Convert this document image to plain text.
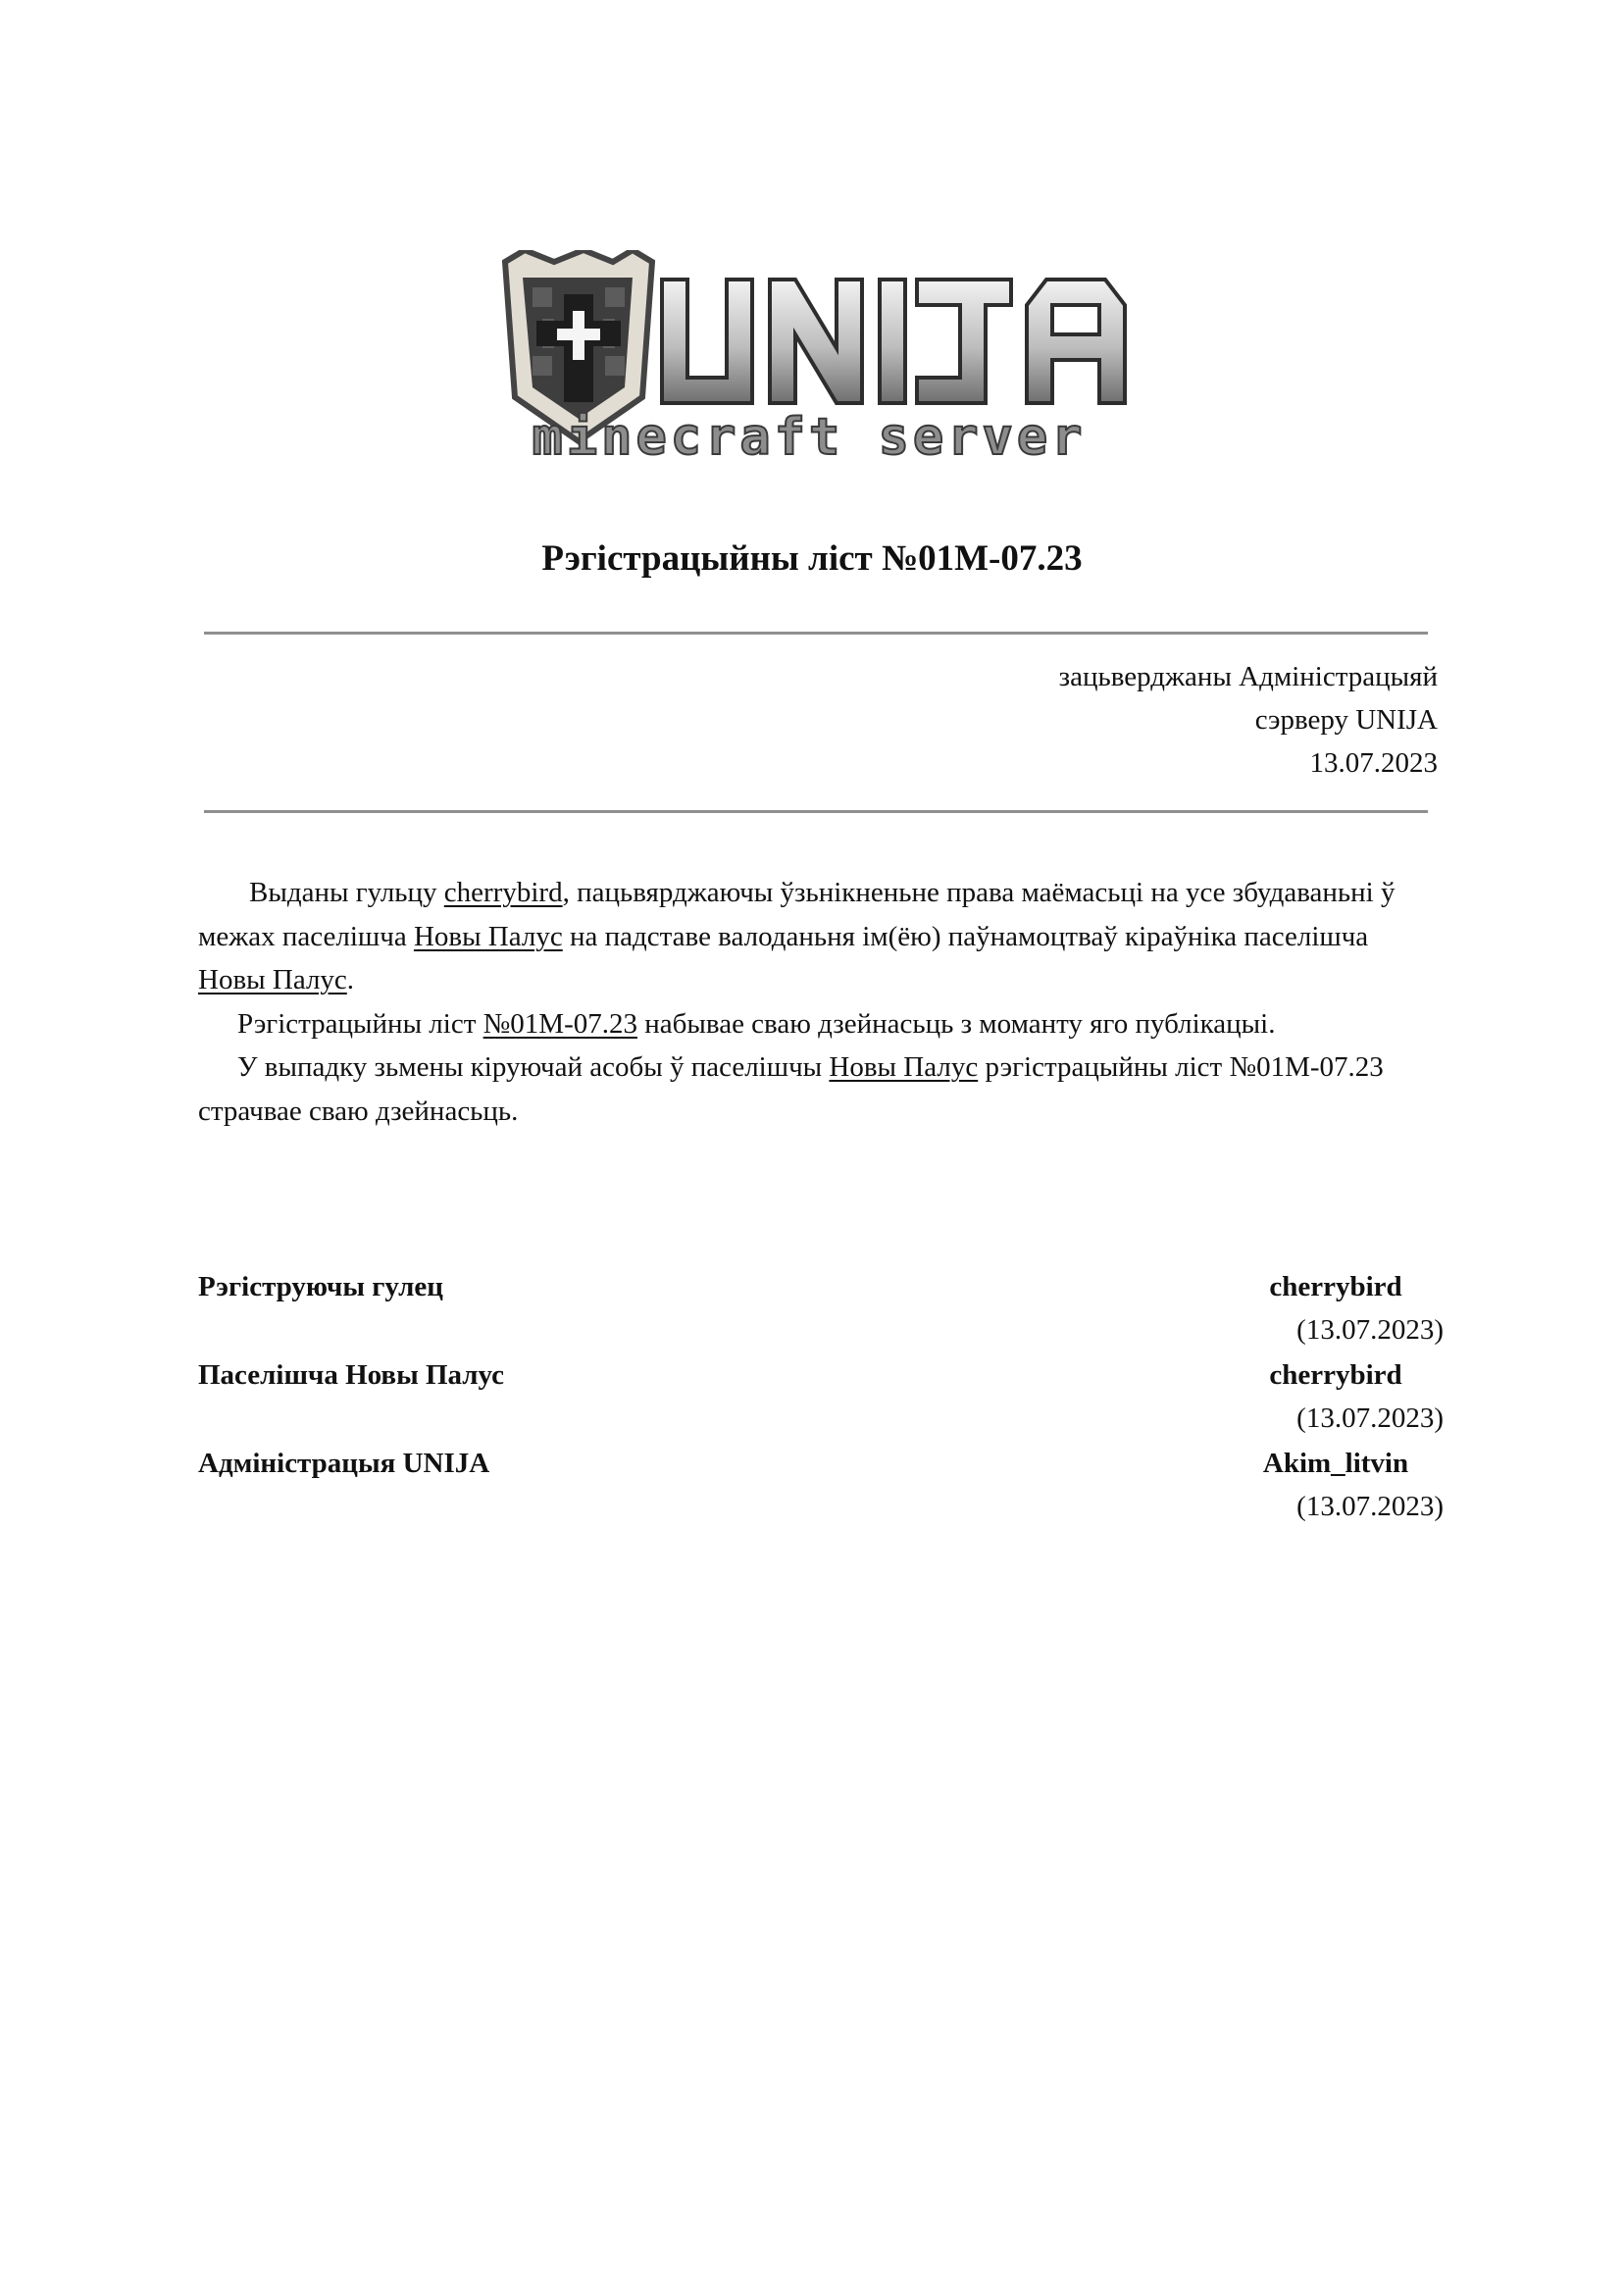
minecraft server
Рэгістрацыйны ліст №01М-07.23
зацьверджаны Адміністрацыяй
сэрверу UNIJA
13.07.2023

Выданы гульцу cherrybird, пацьвярджаючы ўзьнікненьне права маёмасьці на усе збудаваньні ў межах паселішча Новы Палус на падставе валоданьня ім(ёю) паўнамоцтваў кіраўніка паселішча Новы Палус.

Рэгістрацыйны ліст №01М-07.23 набывае сваю дзейнасьць з моманту яго публікацыі.

У выпадку зьмены кіруючай асобы ў паселішчы Новы Палус рэгістрацыйны ліст №01М-07.23 страчвае сваю дзейнасьць.

Рэгіструючы гулец	cherrybird
(13.07.2023)
Паселішча Новы Палус	cherrybird
(13.07.2023)
Адміністрацыя UNIJA	Akim_litvin
(13.07.2023)
